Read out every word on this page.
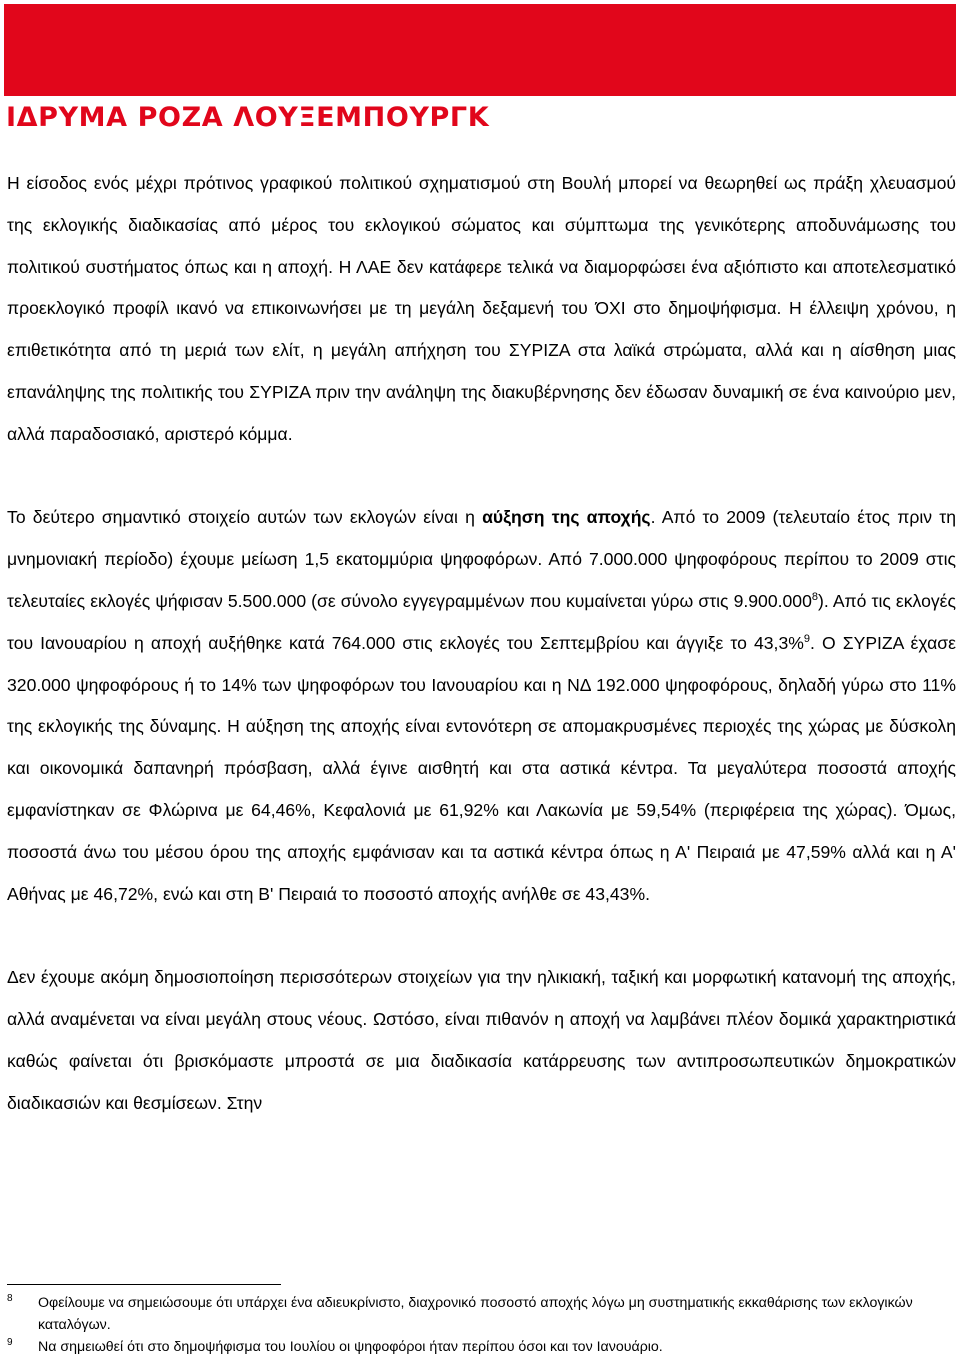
ΙΔΡΥΜΑ ΡΟΖΑ ΛΟΥΞΕΜΠΟΥΡΓΚ

Η είσοδος ενός μέχρι πρότινος γραφικού πολιτικού σχηματισμού στη Βουλή μπορεί να θεωρηθεί ως πράξη χλευασμού της εκλογικής διαδικασίας από μέρος του εκλογικού σώματος και σύμπτωμα της γενικότερης αποδυνάμωσης του πολιτικού συστήματος όπως και η αποχή. Η ΛΑΕ δεν κατάφερε τελικά να διαμορφώσει ένα αξιόπιστο και αποτελεσματικό προεκλογικό προφίλ ικανό να επικοινωνήσει με τη μεγάλη δεξαμενή του ΌΧΙ στο δημοψήφισμα. Η έλλειψη χρόνου, η επιθετικότητα από τη μεριά των ελίτ, η μεγάλη απήχηση του ΣΥΡΙΖΑ στα λαϊκά στρώματα, αλλά και η αίσθηση μιας επανάληψης της πολιτικής του ΣΥΡΙΖΑ πριν την ανάληψη της διακυβέρνησης δεν έδωσαν δυναμική σε ένα καινούριο μεν, αλλά παραδοσιακό, αριστερό κόμμα.

Το δεύτερο σημαντικό στοιχείο αυτών των εκλογών είναι η αύξηση της αποχής. Από το 2009 (τελευταίο έτος πριν τη μνημονιακή περίοδο) έχουμε μείωση 1,5 εκατομμύρια ψηφοφόρων. Από 7.000.000 ψηφοφόρους περίπου το 2009 στις τελευταίες εκλογές ψήφισαν 5.500.000 (σε σύνολο εγγεγραμμένων που κυμαίνεται γύρω στις 9.900.000$^8$). Από τις εκλογές του Ιανουαρίου η αποχή αυξήθηκε κατά 764.000 στις εκλογές του Σεπτεμβρίου και άγγιξε το 43,3%$^9$. Ο ΣΥΡΙΖΑ έχασε 320.000 ψηφοφόρους ή το 14% των ψηφοφόρων του Ιανουαρίου και η ΝΔ 192.000 ψηφοφόρους, δηλαδή γύρω στο 11% της εκλογικής της δύναμης. Η αύξηση της αποχής είναι εντονότερη σε απομακρυσμένες περιοχές της χώρας με δύσκολη και οικονομικά δαπανηρή πρόσβαση, αλλά έγινε αισθητή και στα αστικά κέντρα. Τα μεγαλύτερα ποσοστά αποχής εμφανίστηκαν σε Φλώρινα με 64,46%, Κεφαλονιά με 61,92% και Λακωνία με 59,54% (περιφέρεια της χώρας). Όμως, ποσοστά άνω του μέσου όρου της αποχής εμφάνισαν και τα αστικά κέντρα όπως η Α' Πειραιά με 47,59% αλλά και η Α' Αθήνας με 46,72%, ενώ και στη Β' Πειραιά το ποσοστό αποχής ανήλθε σε 43,43%.

Δεν έχουμε ακόμη δημοσιοποίηση περισσότερων στοιχείων για την ηλικιακή, ταξική και μορφωτική κατανομή της αποχής, αλλά αναμένεται να είναι μεγάλη στους νέους. Ωστόσο, είναι πιθανόν η αποχή να λαμβάνει πλέον δομικά χαρακτηριστικά καθώς φαίνεται ότι βρισκόμαστε μπροστά σε μια διαδικασία κατάρρευσης των αντιπροσωπευτικών δημοκρατικών διαδικασιών και θεσμίσεων. Στην

8 Οφείλουμε να σημειώσουμε ότι υπάρχει ένα αδιευκρίνιστο, διαχρονικό ποσοστό αποχής λόγω μη συστηματικής εκκαθάρισης των εκλογικών καταλόγων.
9 Να σημειωθεί ότι στο δημοψήφισμα του Ιουλίου οι ψηφοφόροι ήταν περίπου όσοι και τον Ιανουάριο.
